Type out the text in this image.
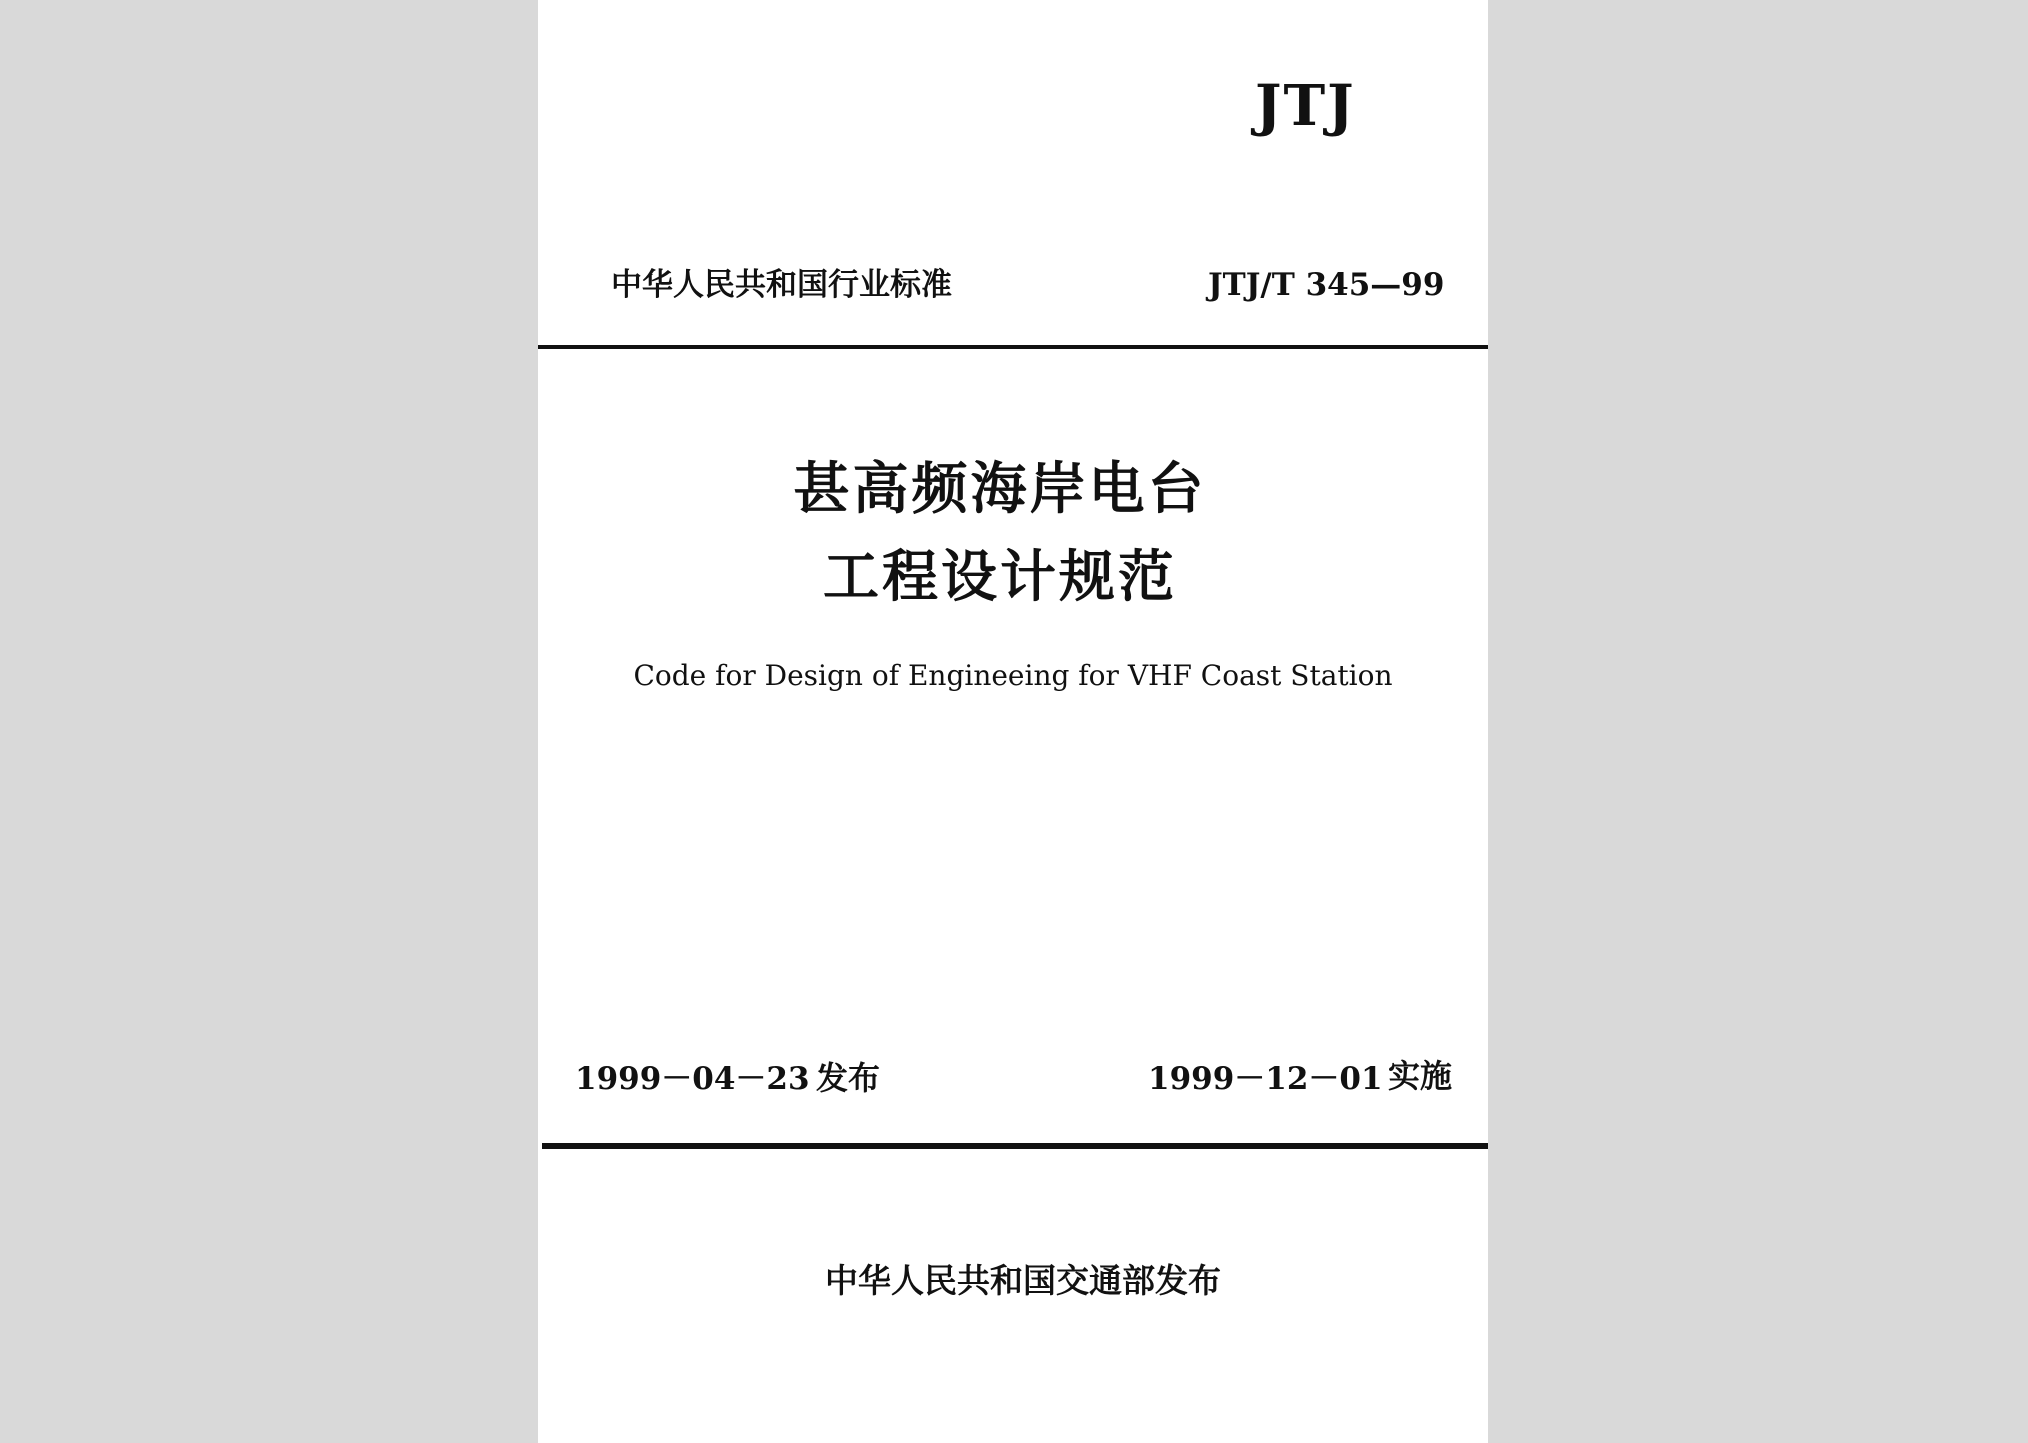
JTJ
中华人民共和国行业标准	JTJ/T 345—99
甚高频海岸电台
工程设计规范
Code for Design of Engineeing for VHF Coast Station
1999－04－23 发布	1999－12－01 实施
中华人民共和国交通部发布
